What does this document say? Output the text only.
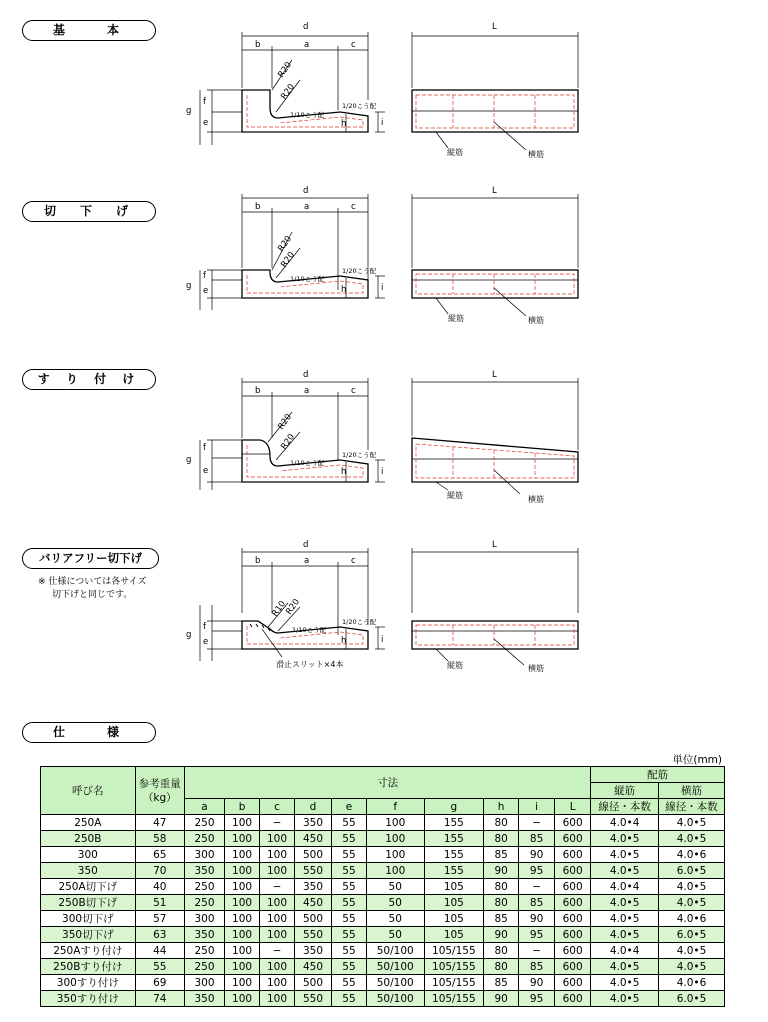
基　　本
切　下　げ
す り 付 け
バリアフリー切下げ
仕　　様
※ 仕様については各サイズ
切下げと同じです。
d
b	a	c
L
g
f
e	h	i
R20
R20
1/10こう配
1/20こう配
縦筋	横筋
d
b	a	c
L
g
f
e	h	i
R20
R20
1/10こう配
1/20こう配
縦筋	横筋
d
b	a	c
L
g
f
e	h	i
R20
R20
1/10こう配
1/20こう配
縦筋	横筋
d
b	a	c
L
g
f
e	h	i
R10
R20
1/10こう配
1/20こう配
滑止スリット×4本	縦筋	横筋
単位(mm)
呼び名	参考重量（kg）	寸法										配筋	
												縦筋	横筋
		a	b	c	d	e	f	g	h	i	L	線径・本数	線径・本数
250A	47	250	100	−	350	55	100	155	80	−	600	4.0•4	4.0•5
250B	58	250	100	100	450	55	100	155	80	85	600	4.0•5	4.0•5
300	65	300	100	100	500	55	100	155	85	90	600	4.0•5	4.0•6
350	70	350	100	100	550	55	100	155	90	95	600	4.0•5	6.0•5
250A切下げ	40	250	100	−	350	55	50	105	80	−	600	4.0•4	4.0•5
250B切下げ	51	250	100	100	450	55	50	105	80	85	600	4.0•5	4.0•5
300切下げ	57	300	100	100	500	55	50	105	85	90	600	4.0•5	4.0•6
350切下げ	63	350	100	100	550	55	50	105	90	95	600	4.0•5	6.0•5
250Aすり付け	44	250	100	−	350	55	50/100	105/155	80	−	600	4.0•4	4.0•5
250Bすり付け	55	250	100	100	450	55	50/100	105/155	80	85	600	4.0•5	4.0•5
300すり付け	69	300	100	100	500	55	50/100	105/155	85	90	600	4.0•5	4.0•6
350すり付け	74	350	100	100	550	55	50/100	105/155	90	95	600	4.0•5	6.0•5
